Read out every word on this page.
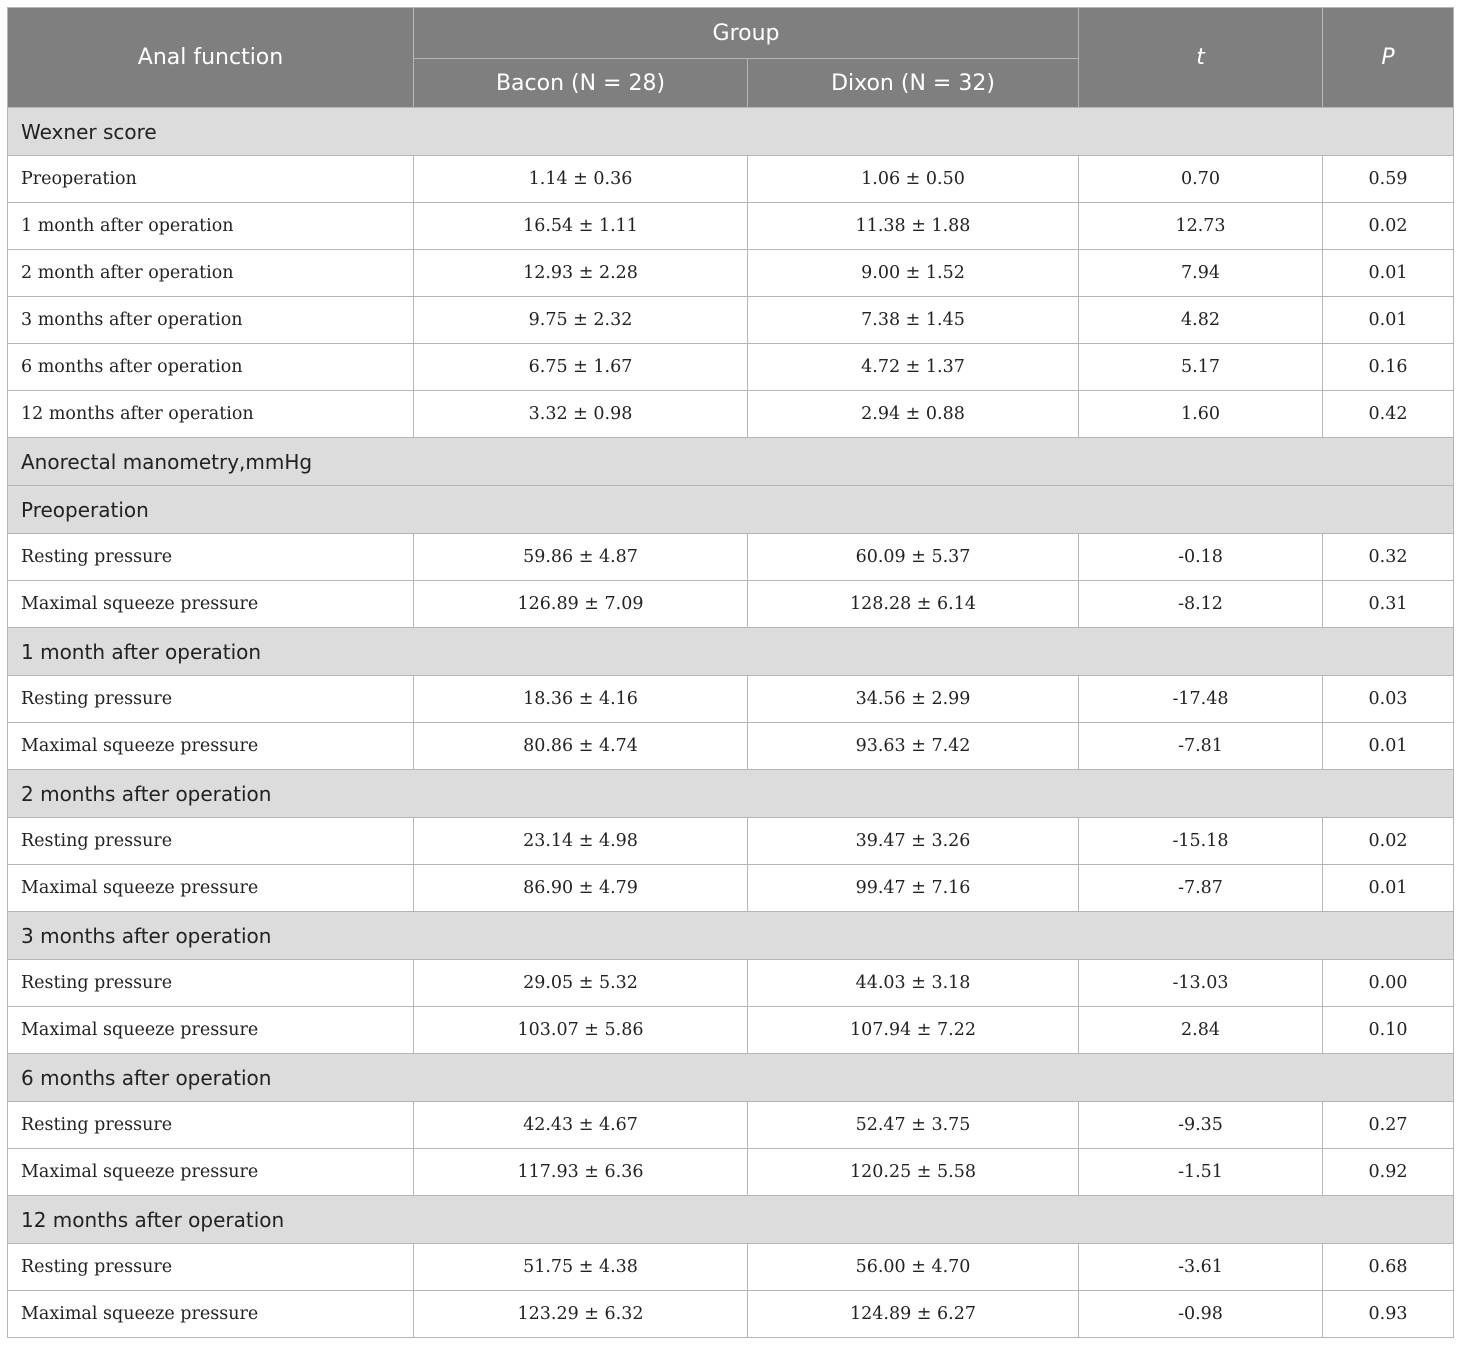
Anal function	Group		t	P
	Bacon (N = 28)	Dixon (N = 32)		
Wexner score				
Preoperation	1.14 ± 0.36	1.06 ± 0.50	0.70	0.59
1 month after operation	16.54 ± 1.11	11.38 ± 1.88	12.73	0.02
2 month after operation	12.93 ± 2.28	9.00 ± 1.52	7.94	0.01
3 months after operation	9.75 ± 2.32	7.38 ± 1.45	4.82	0.01
6 months after operation	6.75 ± 1.67	4.72 ± 1.37	5.17	0.16
12 months after operation	3.32 ± 0.98	2.94 ± 0.88	1.60	0.42
Anorectal manometry,mmHg				
Preoperation				
Resting pressure	59.86 ± 4.87	60.09 ± 5.37	-0.18	0.32
Maximal squeeze pressure	126.89 ± 7.09	128.28 ± 6.14	-8.12	0.31
1 month after operation				
Resting pressure	18.36 ± 4.16	34.56 ± 2.99	-17.48	0.03
Maximal squeeze pressure	80.86 ± 4.74	93.63 ± 7.42	-7.81	0.01
2 months after operation				
Resting pressure	23.14 ± 4.98	39.47 ± 3.26	-15.18	0.02
Maximal squeeze pressure	86.90 ± 4.79	99.47 ± 7.16	-7.87	0.01
3 months after operation				
Resting pressure	29.05 ± 5.32	44.03 ± 3.18	-13.03	0.00
Maximal squeeze pressure	103.07 ± 5.86	107.94 ± 7.22	2.84	0.10
6 months after operation				
Resting pressure	42.43 ± 4.67	52.47 ± 3.75	-9.35	0.27
Maximal squeeze pressure	117.93 ± 6.36	120.25 ± 5.58	-1.51	0.92
12 months after operation				
Resting pressure	51.75 ± 4.38	56.00 ± 4.70	-3.61	0.68
Maximal squeeze pressure	123.29 ± 6.32	124.89 ± 6.27	-0.98	0.93
